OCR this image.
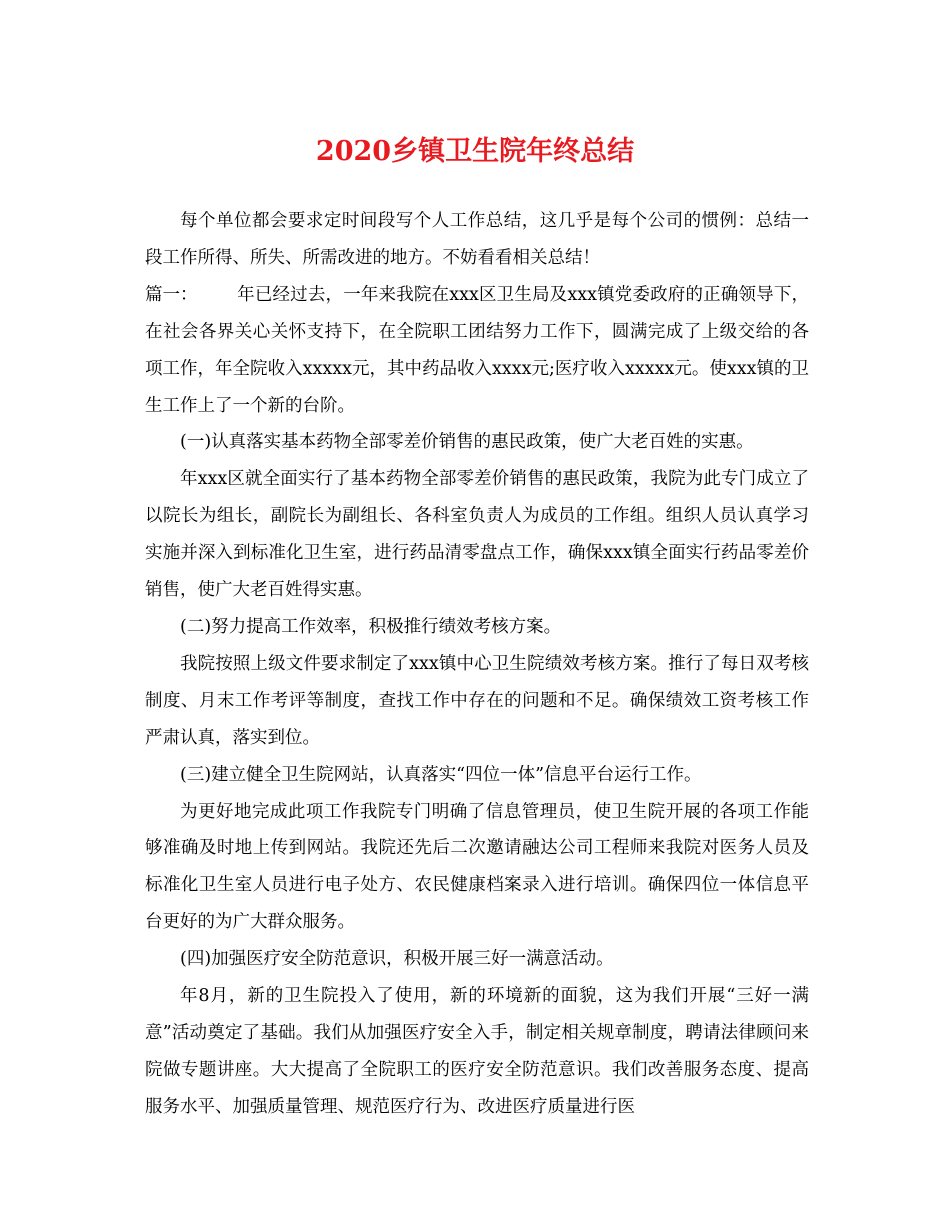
2020乡镇卫生院年终总结

每个单位都会要求定时间段写个人工作总结，这几乎是每个公司的惯例：总结一段工作所得、所失、所需改进的地方。不妨看看相关总结！

篇一： 年已经过去，一年来我院在xxx区卫生局及xxx镇党委政府的正确领导下，在社会各界关心关怀支持下，在全院职工团结努力工作下，圆满完成了上级交给的各项工作，年全院收入xxxxx元，其中药品收入xxxx元;医疗收入xxxxx元。使xxx镇的卫生工作上了一个新的台阶。

(一)认真落实基本药物全部零差价销售的惠民政策，使广大老百姓的实惠。

年xxx区就全面实行了基本药物全部零差价销售的惠民政策，我院为此专门成立了以院长为组长，副院长为副组长、各科室负责人为成员的工作组。组织人员认真学习实施并深入到标准化卫生室，进行药品清零盘点工作，确保xxx镇全面实行药品零差价销售，使广大老百姓得实惠。

(二)努力提高工作效率，积极推行绩效考核方案。

我院按照上级文件要求制定了xxx镇中心卫生院绩效考核方案。推行了每日双考核制度、月末工作考评等制度，查找工作中存在的问题和不足。确保绩效工资考核工作严肃认真，落实到位。

(三)建立健全卫生院网站，认真落实“四位一体”信息平台运行工作。

为更好地完成此项工作我院专门明确了信息管理员，使卫生院开展的各项工作能够准确及时地上传到网站。我院还先后二次邀请融达公司工程师来我院对医务人员及标准化卫生室人员进行电子处方、农民健康档案录入进行培训。确保四位一体信息平台更好的为广大群众服务。

(四)加强医疗安全防范意识，积极开展三好一满意活动。

年8月，新的卫生院投入了使用，新的环境新的面貌，这为我们开展“三好一满意”活动奠定了基础。我们从加强医疗安全入手，制定相关规章制度，聘请法律顾问来院做专题讲座。大大提高了全院职工的医疗安全防范意识。我们改善服务态度、提高服务水平、加强质量管理、规范医疗行为、改进医疗质量进行医
